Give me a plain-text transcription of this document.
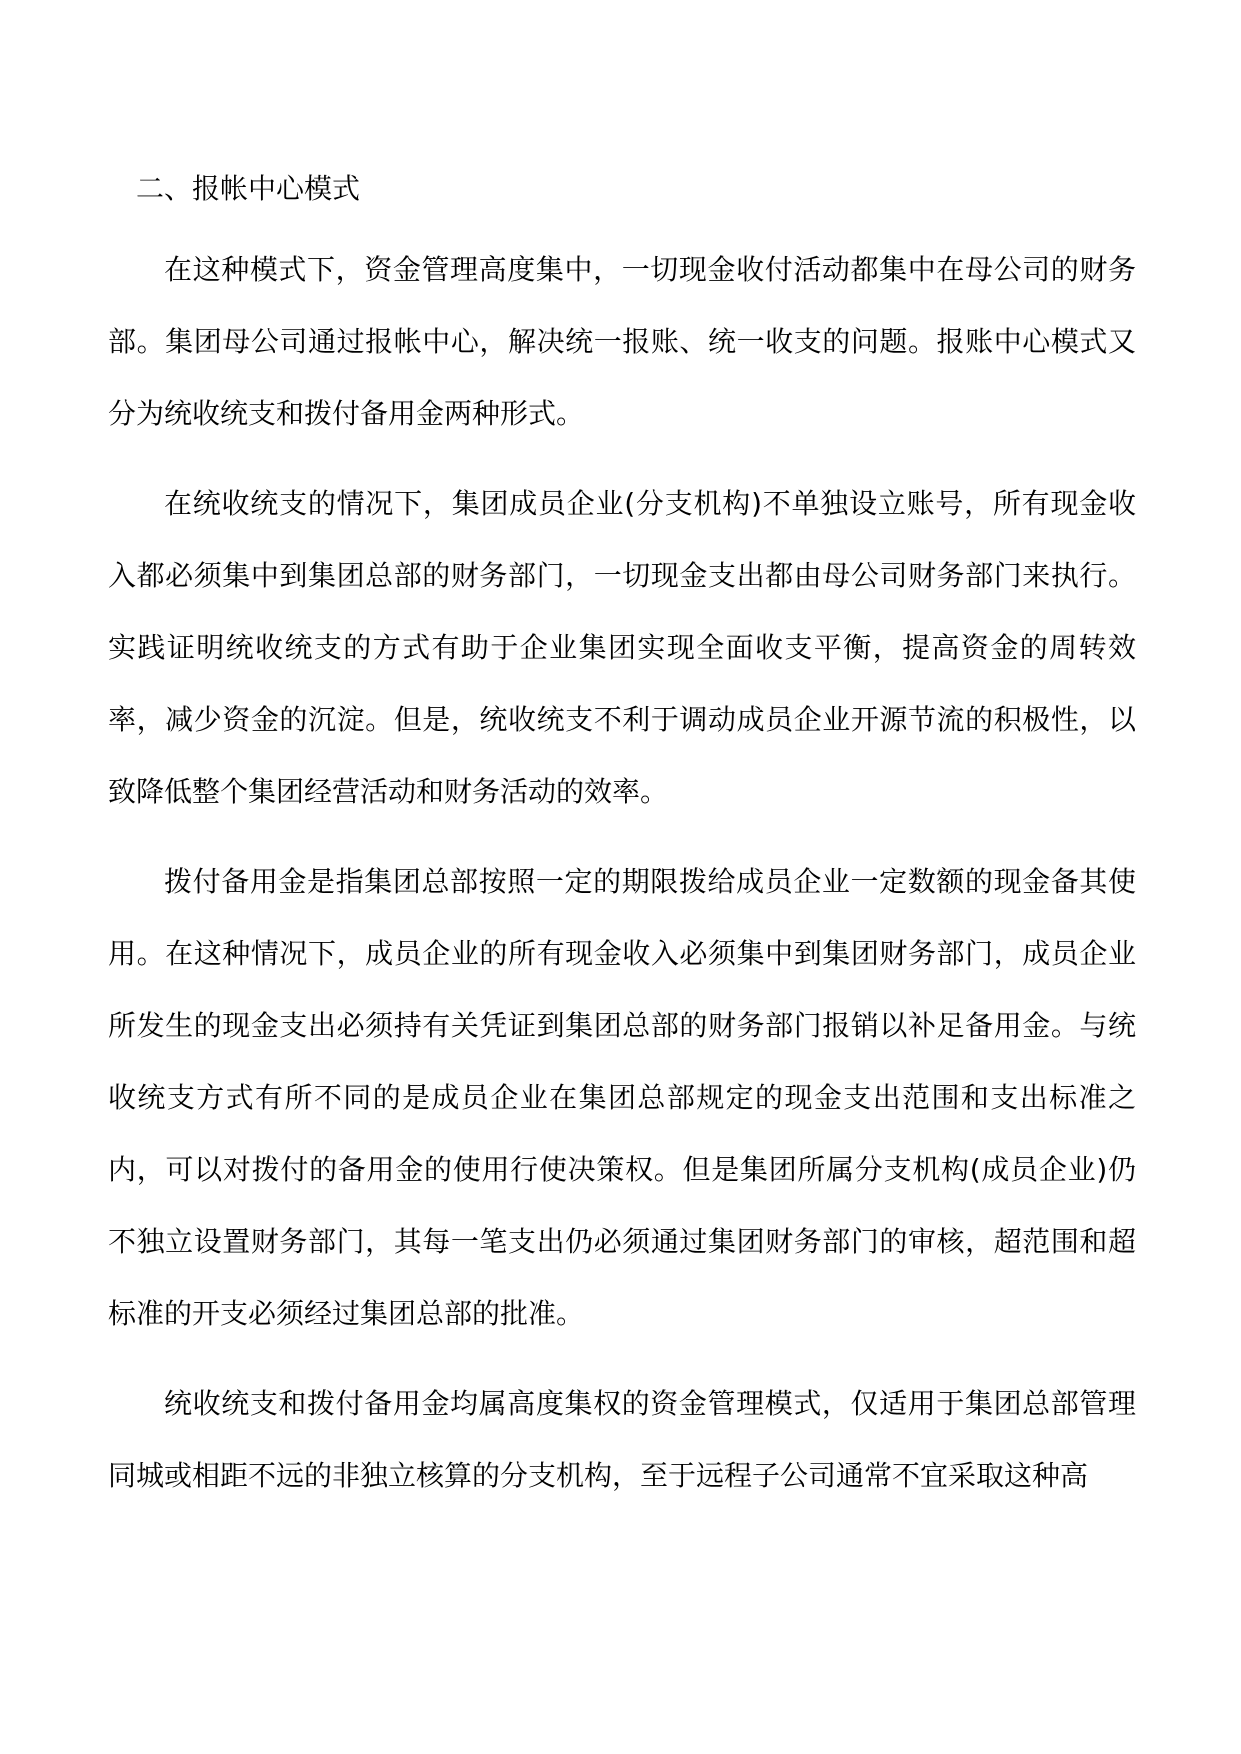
二、报帐中心模式

在这种模式下，资金管理高度集中，一切现金收付活动都集中在母公司的财务部。集团母公司通过报帐中心，解决统一报账、统一收支的问题。报账中心模式又分为统收统支和拨付备用金两种形式。

在统收统支的情况下，集团成员企业(分支机构)不单独设立账号，所有现金收入都必须集中到集团总部的财务部门，一切现金支出都由母公司财务部门来执行。实践证明统收统支的方式有助于企业集团实现全面收支平衡，提高资金的周转效率，减少资金的沉淀。但是，统收统支不利于调动成员企业开源节流的积极性，以致降低整个集团经营活动和财务活动的效率。

拨付备用金是指集团总部按照一定的期限拨给成员企业一定数额的现金备其使用。在这种情况下，成员企业的所有现金收入必须集中到集团财务部门，成员企业所发生的现金支出必须持有关凭证到集团总部的财务部门报销以补足备用金。与统收统支方式有所不同的是成员企业在集团总部规定的现金支出范围和支出标准之内，可以对拨付的备用金的使用行使决策权。但是集团所属分支机构(成员企业)仍不独立设置财务部门，其每一笔支出仍必须通过集团财务部门的审核，超范围和超标准的开支必须经过集团总部的批准。

统收统支和拨付备用金均属高度集权的资金管理模式，仅适用于集团总部管理同城或相距不远的非独立核算的分支机构，至于远程子公司通常不宜采取这种高
